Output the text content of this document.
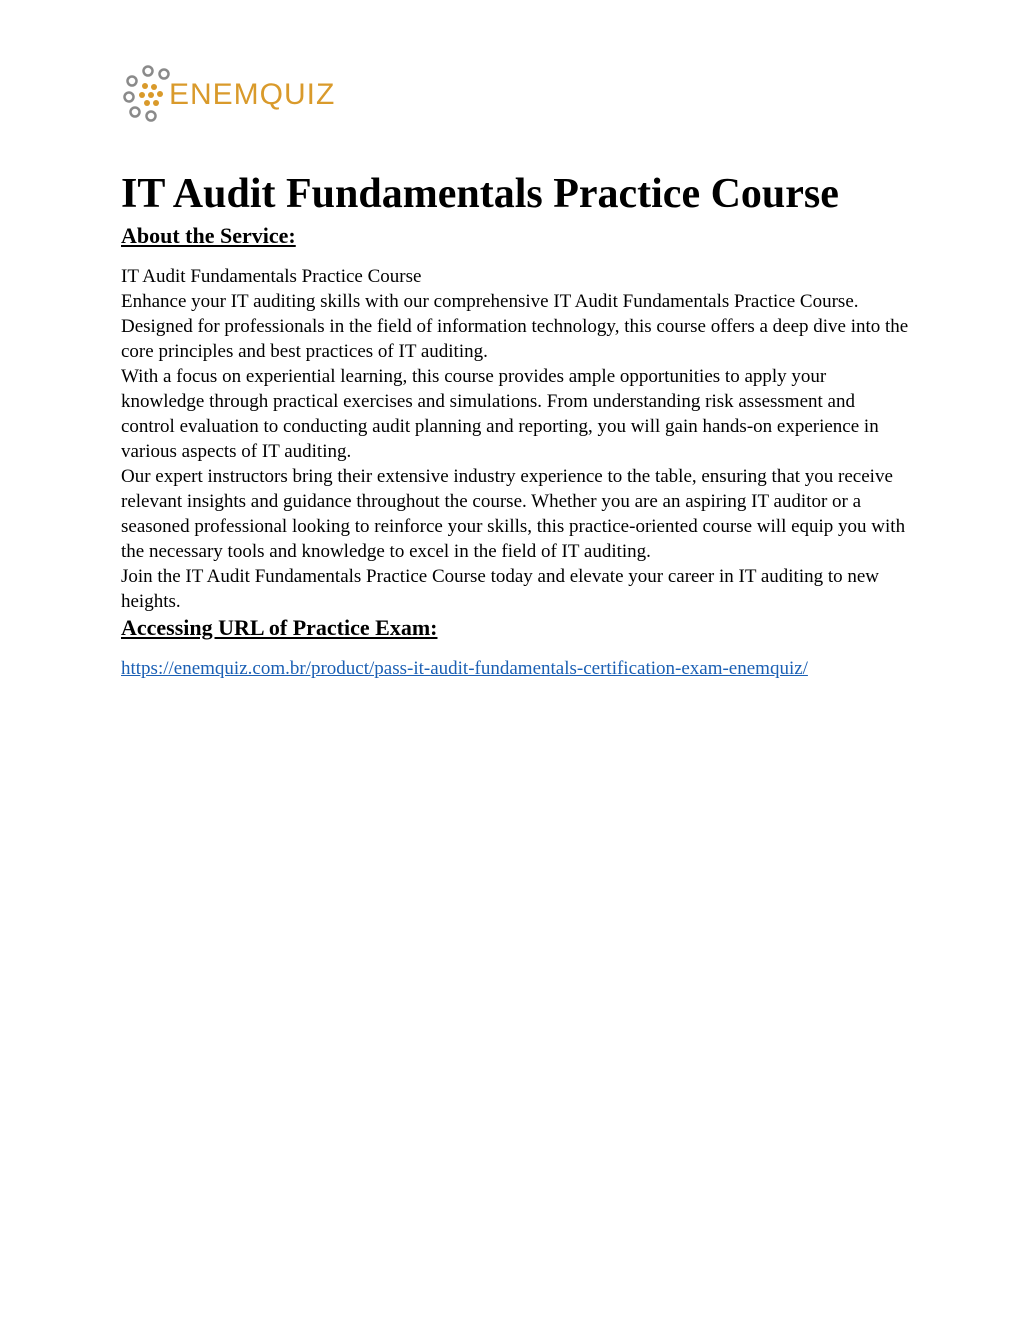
ENEMQUIZ
IT Audit Fundamentals Practice Course
About the Service:

IT Audit Fundamentals Practice Course

Enhance your IT auditing skills with our comprehensive IT Audit Fundamentals Practice Course. Designed for professionals in the field of information technology, this course offers a deep dive into the core principles and best practices of IT auditing.

With a focus on experiential learning, this course provides ample opportunities to apply your knowledge through practical exercises and simulations. From understanding risk assessment and control evaluation to conducting audit planning and reporting, you will gain hands-on experience in various aspects of IT auditing.

Our expert instructors bring their extensive industry experience to the table, ensuring that you receive relevant insights and guidance throughout the course. Whether you are an aspiring IT auditor or a seasoned professional looking to reinforce your skills, this practice-oriented course will equip you with the necessary tools and knowledge to excel in the field of IT auditing.

Join the IT Audit Fundamentals Practice Course today and elevate your career in IT auditing to new heights.

Accessing URL of Practice Exam:
https://enemquiz.com.br/product/pass-it-audit-fundamentals-certification-exam-enemquiz/
